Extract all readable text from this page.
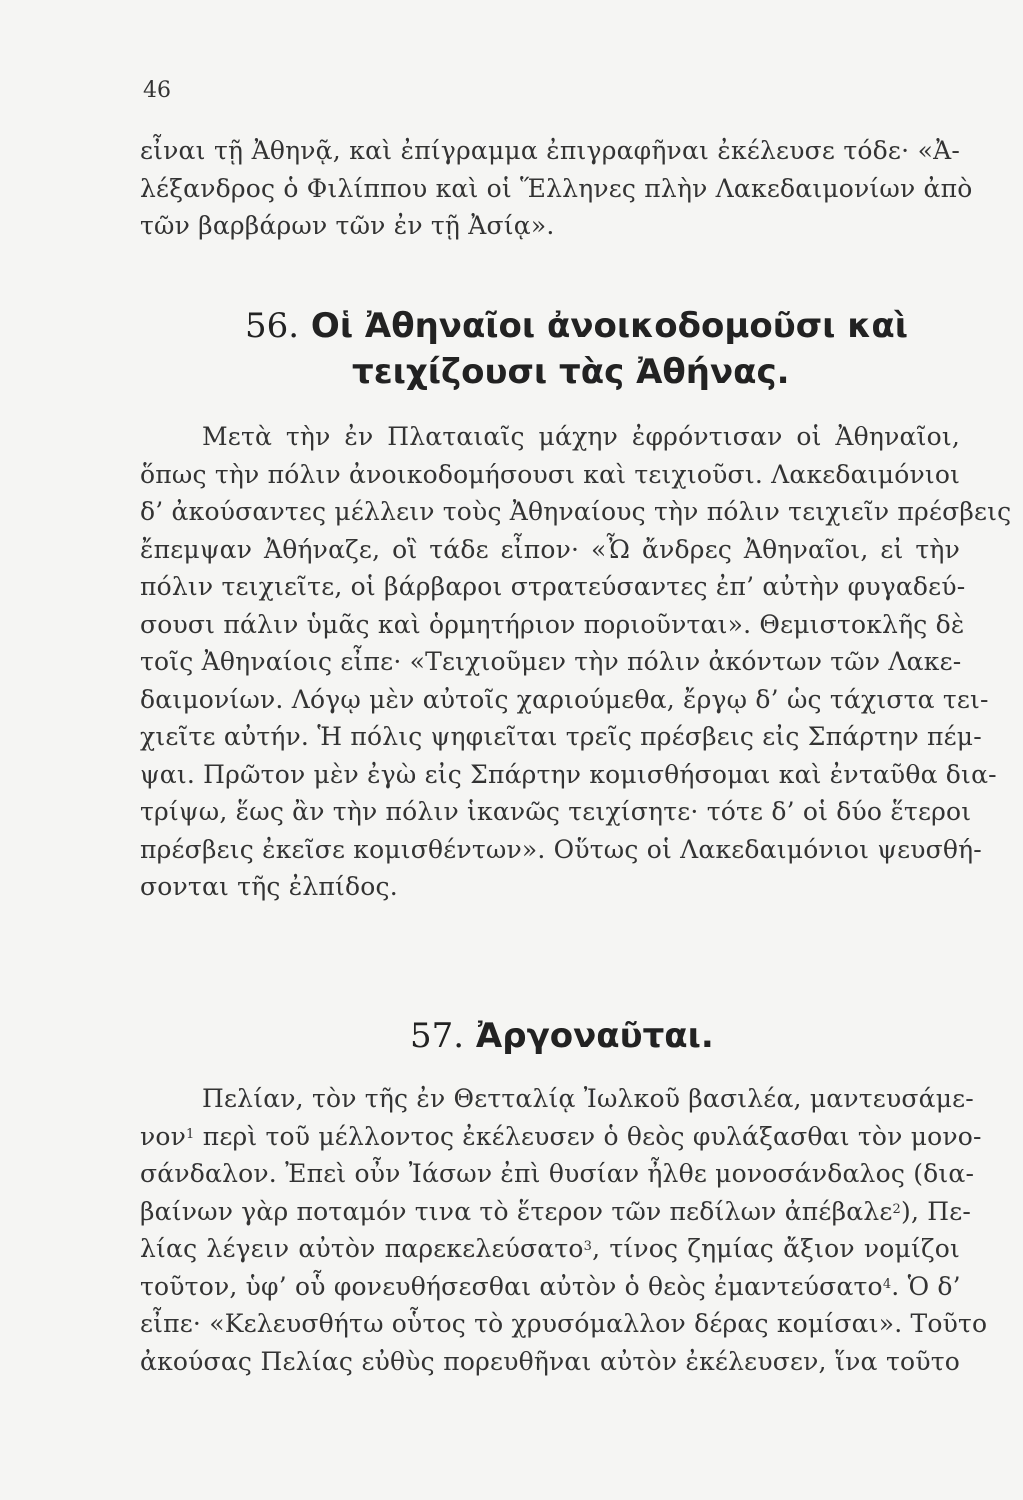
46
εἶναι τῇ Ἀθηνᾷ, καὶ ἐπίγραμμα ἐπιγραφῆναι ἐκέλευσε τόδε· «Ἀ-
λέξανδρος ὁ Φιλίππου καὶ οἱ Ἕλληνες πλὴν Λακεδαιμονίων ἀπὸ
τῶν βαρβάρων τῶν ἐν τῇ Ἀσίᾳ».
56. Οἱ Ἀθηναῖοι ἀνοικοδομοῦσι καὶ
τειχίζουσι τὰς Ἀθήνας.
Μετὰ τὴν ἐν Πλαταιαῖς μάχην ἐφρόντισαν οἱ Ἀθηναῖοι,
ὅπως τὴν πόλιν ἀνοικοδομήσουσι καὶ τειχιοῦσι. Λακεδαιμόνιοι
δ’ ἀκούσαντες μέλλειν τοὺς Ἀθηναίους τὴν πόλιν τειχιεῖν πρέσβεις
ἔπεμψαν Ἀθήναζε, οἳ τάδε εἶπον· «Ὦ ἄνδρες Ἀθηναῖοι, εἰ τὴν
πόλιν τειχιεῖτε, οἱ βάρβαροι στρατεύσαντες ἐπ’ αὐτὴν φυγαδεύ-
σουσι πάλιν ὑμᾶς καὶ ὁρμητήριον ποριοῦνται». Θεμιστοκλῆς δὲ
τοῖς Ἀθηναίοις εἶπε· «Τειχιοῦμεν τὴν πόλιν ἀκόντων τῶν Λακε-
δαιμονίων. Λόγῳ μὲν αὐτοῖς χαριούμεθα, ἔργῳ δ’ ὡς τάχιστα τει-
χιεῖτε αὐτήν. Ἡ πόλις ψηφιεῖται τρεῖς πρέσβεις εἰς Σπάρτην πέμ-
ψαι. Πρῶτον μὲν ἐγὼ εἰς Σπάρτην κομισθήσομαι καὶ ἐνταῦθα δια-
τρίψω, ἕως ἂν τὴν πόλιν ἱκανῶς τειχίσητε· τότε δ’ οἱ δύο ἕτεροι
πρέσβεις ἐκεῖσε κομισθέντων». Οὕτως οἱ Λακεδαιμόνιοι ψευσθή-
σονται τῆς ἐλπίδος.
57. Ἀργοναῦται.
Πελίαν, τὸν τῆς ἐν Θετταλίᾳ Ἰωλκοῦ βασιλέα, μαντευσάμε-
νον$^1$ περὶ τοῦ μέλλοντος ἐκέλευσεν ὁ θεὸς φυλάξασθαι τὸν μονο-
σάνδαλον. Ἐπεὶ οὖν Ἰάσων ἐπὶ θυσίαν ἦλθε μονοσάνδαλος (δια-
βαίνων γὰρ ποταμόν τινα τὸ ἕτερον τῶν πεδίλων ἀπέβαλε$^2$), Πε-
λίας λέγειν αὐτὸν παρεκελεύσατο$^3$, τίνος ζημίας ἄξιον νομίζοι
τοῦτον, ὑφ’ οὗ φονευθήσεσθαι αὐτὸν ὁ θεὸς ἐμαντεύσατο$^4$. Ὁ δ’
εἶπε· «Κελευσθήτω οὗτος τὸ χρυσόμαλλον δέρας κομίσαι». Τοῦτο
ἀκούσας Πελίας εὐθὺς πορευθῆναι αὐτὸν ἐκέλευσεν, ἵνα τοῦτο
